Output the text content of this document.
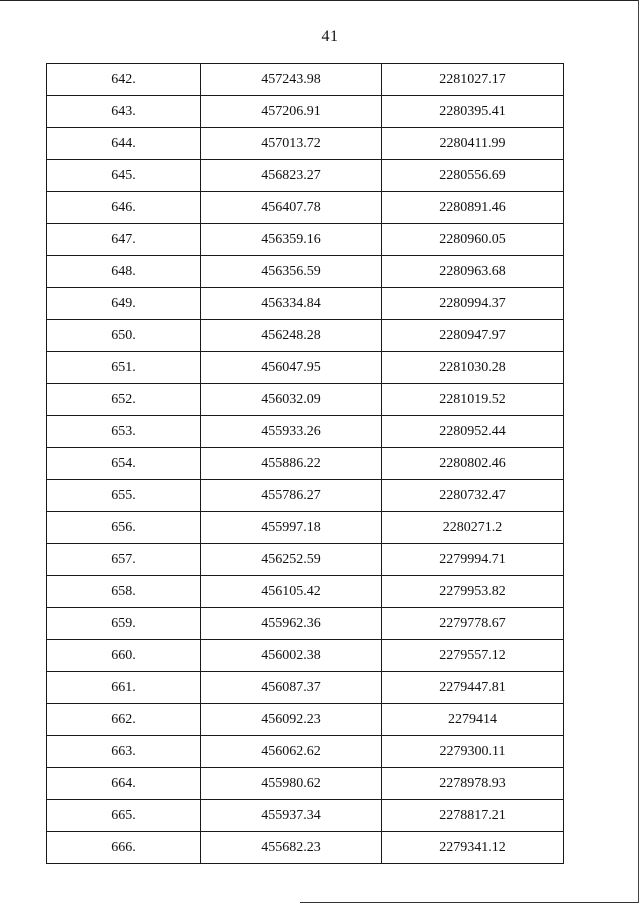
41
642.	457243.98	2281027.17
643.	457206.91	2280395.41
644.	457013.72	2280411.99
645.	456823.27	2280556.69
646.	456407.78	2280891.46
647.	456359.16	2280960.05
648.	456356.59	2280963.68
649.	456334.84	2280994.37
650.	456248.28	2280947.97
651.	456047.95	2281030.28
652.	456032.09	2281019.52
653.	455933.26	2280952.44
654.	455886.22	2280802.46
655.	455786.27	2280732.47
656.	455997.18	2280271.2
657.	456252.59	2279994.71
658.	456105.42	2279953.82
659.	455962.36	2279778.67
660.	456002.38	2279557.12
661.	456087.37	2279447.81
662.	456092.23	2279414
663.	456062.62	2279300.11
664.	455980.62	2278978.93
665.	455937.34	2278817.21
666.	455682.23	2279341.12
